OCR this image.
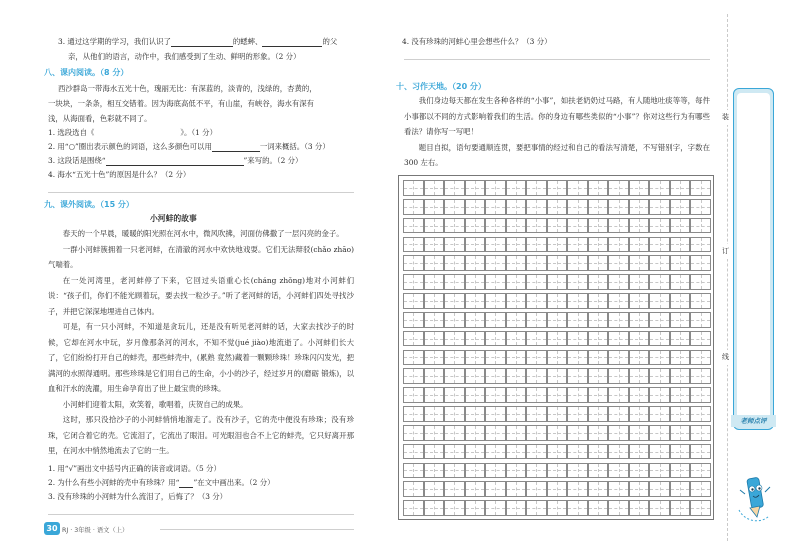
3. 通过这学期的学习，我们认识了	的蟋蟀、	的父
亲，从他们的语言，动作中，我们感受到了生动、鲜明的形象。（2 分）
八、课内阅读。（8 分）
西沙群岛一带海水五光十色，瑰丽无比：有深蓝的，淡青的，浅绿的，杏黄的，
一块块，一条条，相互交错着。因为海底高低不平，有山崖，有峡谷，海水有深有
浅，从海面看，色彩就不同了。
1. 选段选自《	》。（1 分）
2. 用“○”圈出表示颜色的词语，这么多颜色可以用	一词来概括。（3 分）
3. 这段话是围绕“	”来写的。（2 分）
4. 海水“五光十色”的原因是什么？（2 分）
九、课外阅读。（15 分）
小河蚌的故事

春天的一个早晨，暖暖的阳光照在河水中，微风吹拂，河面仿佛撒了一层闪亮的金子。

一群小河蚌簇拥着一只老河蚌，在清澈的河水中欢快地戏耍。它们无法辩驳(chǎo zhāo)气喘着。

在一处河湾里，老河蚌停了下来，它回过头语重心长(cháng zhǒng)地对小河蚌们说：“孩子们，你们不能光顾着玩，要去找一粒沙子。”听了老河蚌的话，小河蚌们四处寻找沙子，并把它深深地埋进自己体内。

可是，有一只小河蚌，不知道是贪玩儿，还是没有听见老河蚌的话，大家去找沙子的时候，它却在河水中玩，岁月像那条河的河水，不知不觉(jué jiào)地流逝了。小河蚌们长大了，它们纷纷打开自己的蚌壳，那些蚌壳中，(累熟 竟然)藏着一颗颗珍珠！珍珠闪闪发光，把满河的水照得通明。那些珍珠是它们用自己的生命，小小的沙子，经过岁月的(磨砺 锻炼)，以血和汗水的洗濯，用生命孕育出了世上最宝贵的珍珠。

小河蚌们迎着太阳，欢笑着，歌唱着，庆贺自己的成果。

这时，那只没拾沙子的小河蚌悄悄地溜走了。没有沙子，它的壳中便没有珍珠；没有珍珠，它闭合着它的壳。它流泪了，它流出了眼泪。可光眼泪也合不上它的蚌壳，它只好离开那里，在河水中悄然地流去了它的一生。

1. 用“√”画出文中括号内正确的读音或词语。（5 分）
2. 为什么有些小河蚌的壳中有珍珠？用“ ”在文中画出来。（2 分）
3. 没有珍珠的小河蚌为什么流泪了，后悔了？（3 分）
30 RJ · 3年级 · 语文（上）
4. 没有珍珠的河蚌心里会想些什么？（3 分）
十、习作天地。（20 分）

我们身边每天都在发生各种各样的“小事”，如扶老奶奶过马路，有人随地吐痰等等，每件小事都以不同的方式影响着我们的生活。你的身边有哪些类似的“小事”？你对这些行为有哪些看法？请你写一写吧！

题目自拟，语句要通顺连贯，要把事情的经过和自己的看法写清楚，不写错别字，字数在 300 左右。

装
订
线
老师点评
